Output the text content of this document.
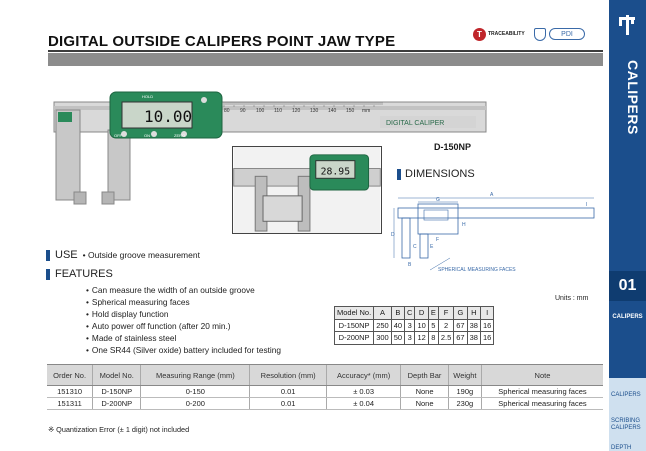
DIGITAL OUTSIDE CALIPERS POINT JAW TYPE	T	TRACEABILITY	PDI
CALIPERS
01
CALIPERS
CALIPERS
SCRIBING CALIPERS
DEPTH
10.00
OFF	ON	ZERO
HOLD
80 90 100 110 120 130 140 150 mm
DIGITAL CALIPER
28.95
D-150NP
DIMENSIONS
A
B
C
D
E
F
G
H
I
SPHERICAL MEASURING FACES
USE • Outside groove measurement
FEATURES
• Can measure the width of an outside groove
• Spherical measuring faces
• Hold display function
• Auto power off function (after 20 min.)
• Made of stainless steel
• One SR44 (Silver oxide) battery included for testing
Units : mm
Model No.	A	B	C	D	E	F	G	H	I
D-150NP	250	40	3	10	5	2	67	38	16
D-200NP	300	50	3	12	8	2.5	67	38	16
Order No.	Model No.	Measuring Range (mm)	Resolution (mm)	Accuracy* (mm)	Depth Bar	Weight	Note
151310	D-150NP	0-150	0.01	± 0.03	None	190g	Spherical measuring faces
151311	D-200NP	0-200	0.01	± 0.04	None	230g	Spherical measuring faces
※ Quantization Error (± 1 digit) not included
